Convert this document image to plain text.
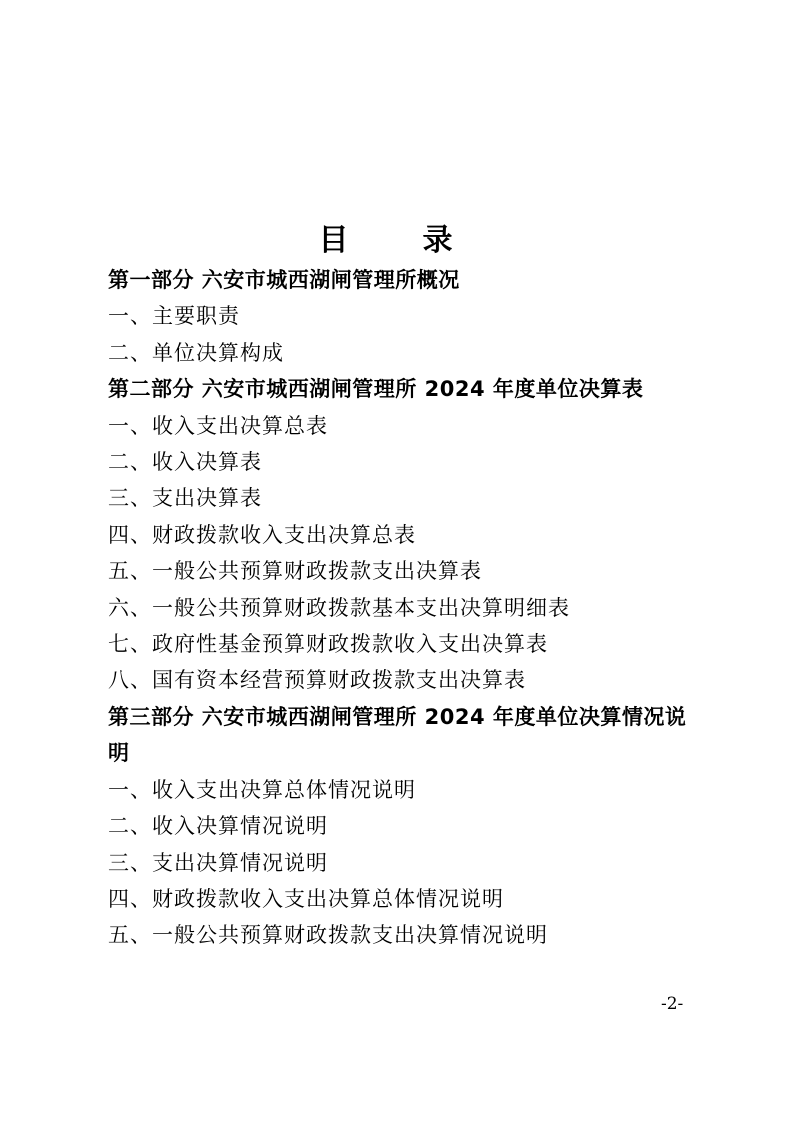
目　录
第一部分 六安市城西湖闸管理所概况
一、主要职责
二、单位决算构成
第二部分 六安市城西湖闸管理所 2024 年度单位决算表
一、收入支出决算总表
二、收入决算表
三、支出决算表
四、财政拨款收入支出决算总表
五、一般公共预算财政拨款支出决算表
六、一般公共预算财政拨款基本支出决算明细表
七、政府性基金预算财政拨款收入支出决算表
八、国有资本经营预算财政拨款支出决算表
第三部分 六安市城西湖闸管理所 2024 年度单位决算情况说明
一、收入支出决算总体情况说明
二、收入决算情况说明
三、支出决算情况说明
四、财政拨款收入支出决算总体情况说明
五、一般公共预算财政拨款支出决算情况说明
-2-
